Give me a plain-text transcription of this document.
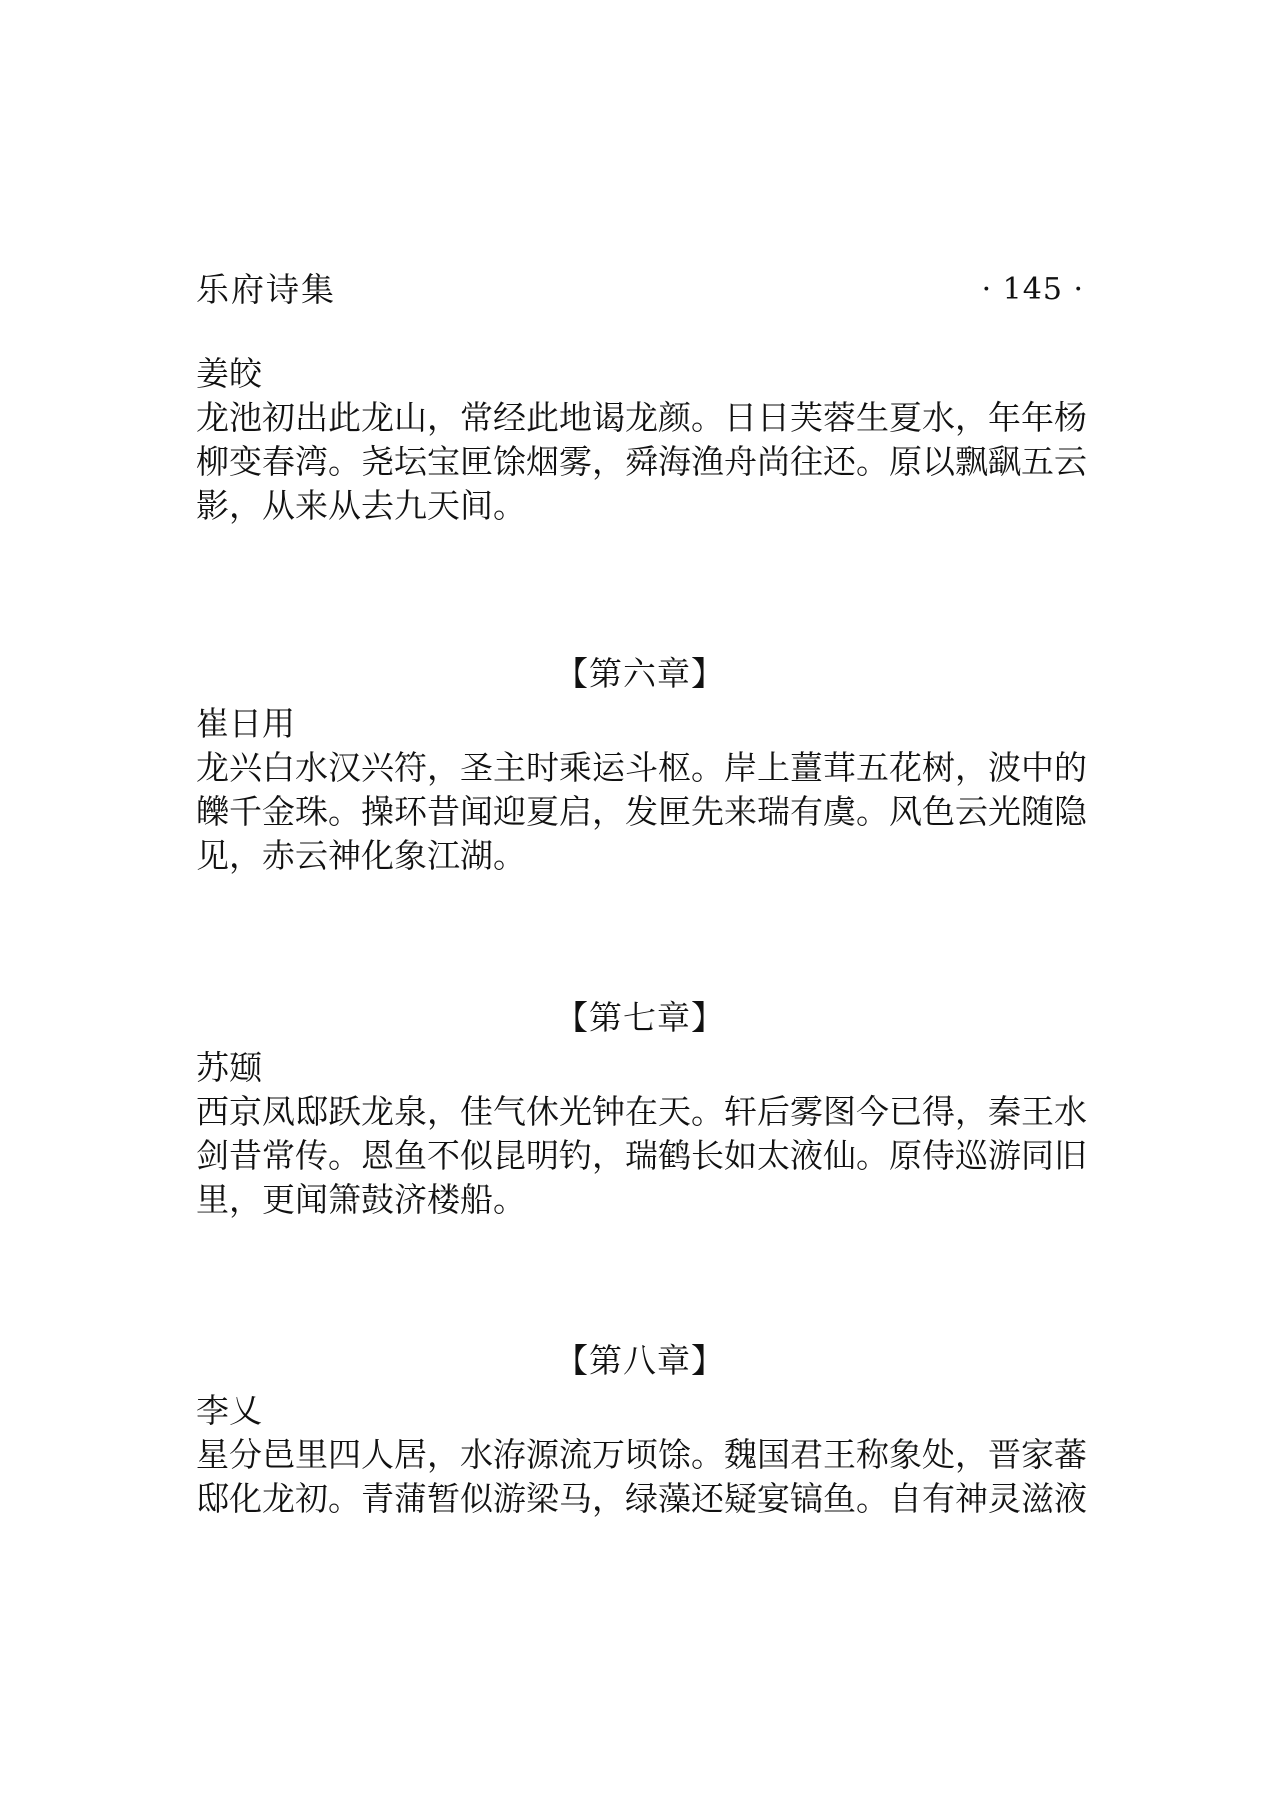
乐府诗集	· 145 ·
姜皎
龙池初出此龙山，常经此地谒龙颜。日日芙蓉生夏水，年年杨
柳变春湾。尧坛宝匣馀烟雾，舜海渔舟尚往还。原以飘飖五云
影，从来从去九天间。
【第六章】
崔日用
龙兴白水汉兴符，圣主时乘运斗枢。岸上薑茸五花树，波中的
皪千金珠。操环昔闻迎夏启，发匣先来瑞有虞。风色云光随隐
见，赤云神化象江湖。
【第七章】
苏颋
西京凤邸跃龙泉，佳气休光钟在天。轩后雾图今已得，秦王水
剑昔常传。恩鱼不似昆明钓，瑞鹤长如太液仙。原侍巡游同旧
里，更闻箫鼓济楼船。
【第八章】
李乂
星分邑里四人居，水洊源流万顷馀。魏国君王称象处，晋家蕃
邸化龙初。青蒲暂似游梁马，绿藻还疑宴镐鱼。自有神灵滋液
